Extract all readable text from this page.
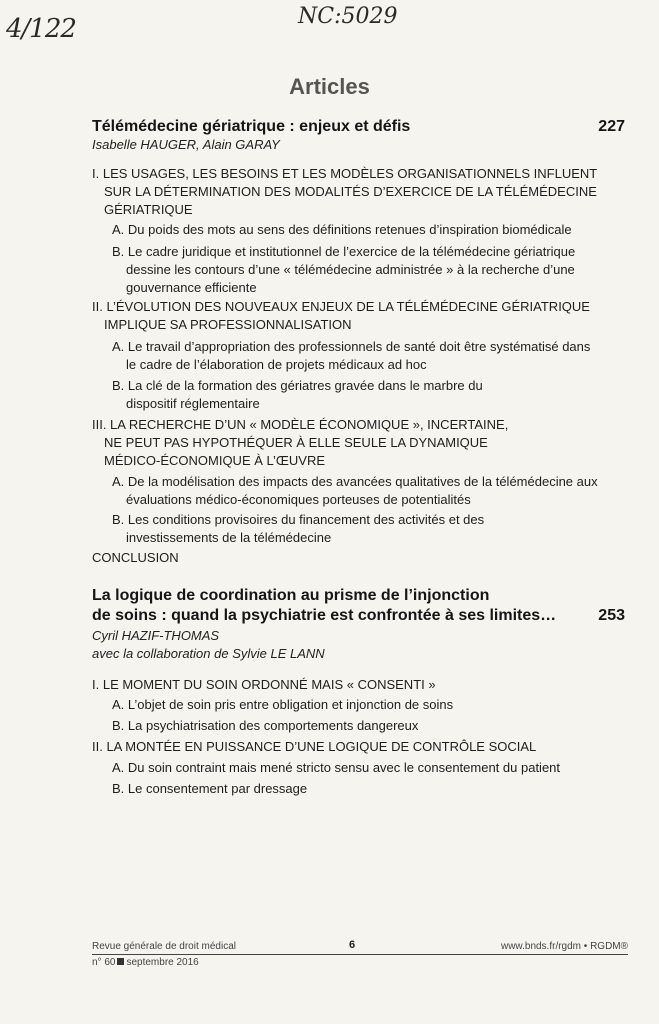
4/122	NC:5029
Articles
Télémédecine gériatrique : enjeux et défis	227
Isabelle HAUGER, Alain GARAY
I. LES USAGES, LES BESOINS ET LES MODÈLES ORGANISATIONNELS INFLUENT SUR LA DÉTERMINATION DES MODALITÉS D’EXERCICE DE LA TÉLÉMÉDECINE GÉRIATRIQUE
A. Du poids des mots au sens des définitions retenues d’inspiration biomédicale
B. Le cadre juridique et institutionnel de l’exercice de la télémédecine gériatrique dessine les contours d’une « télémédecine administrée » à la recherche d’une gouvernance efficiente
II. L’ÉVOLUTION DES NOUVEAUX ENJEUX DE LA TÉLÉMÉDECINE GÉRIATRIQUE IMPLIQUE SA PROFESSIONNALISATION
A. Le travail d’appropriation des professionnels de santé doit être systématisé dans le cadre de l’élaboration de projets médicaux ad hoc
B. La clé de la formation des gériatres gravée dans le marbre du dispositif réglementaire
III. LA RECHERCHE D’UN « MODÈLE ÉCONOMIQUE », INCERTAINE, NE PEUT PAS HYPOTHÉQUER À ELLE SEULE LA DYNAMIQUE MÉDICO-ÉCONOMIQUE À L’ŒUVRE
A. De la modélisation des impacts des avancées qualitatives de la télémédecine aux évaluations médico-économiques porteuses de potentialités
B. Les conditions provisoires du financement des activités et des investissements de la télémédecine
CONCLUSION
La logique de coordination au prisme de l’injonction
de soins : quand la psychiatrie est confrontée à ses limites…	253
Cyril HAZIF-THOMAS
avec la collaboration de Sylvie LE LANN
I. LE MOMENT DU SOIN ORDONNÉ MAIS « CONSENTI »
A. L’objet de soin pris entre obligation et injonction de soins
B. La psychiatrisation des comportements dangereux
II. LA MONTÉE EN PUISSANCE D’UNE LOGIQUE DE CONTRÔLE SOCIAL
A. Du soin contraint mais mené stricto sensu avec le consentement du patient
B. Le consentement par dressage
Revue générale de droit médical	6	www.bnds.fr/rgdm • RGDM®
n° 60 septembre 2016
